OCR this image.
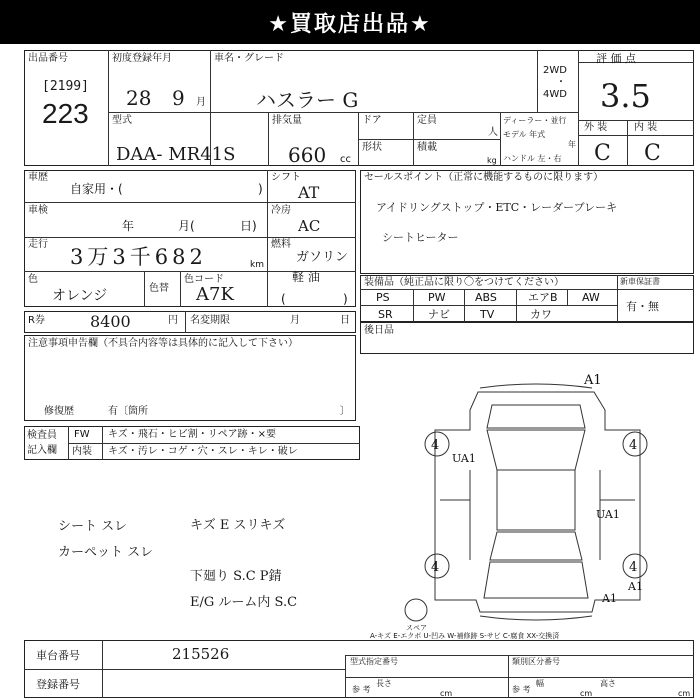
★買取店出品★
出品番号
[2199]
223
初度登録年月
28 9 月
車名・グレード
ハスラー G
2WD
・
4WD
評 価 点
3.5
外 装	内 装
C C
型式
DAA- MR41S
排気量
660 cc
ドア
形状
定員
人
積載
kg
ディーラー・並行
モデル 年式
年
ハンドル 左・右
車歴
自家用・(	)
シフト
AT
車検
年	月(	日)
冷房
AC
走行
3万3千682	km
燃料
ガソリン
軽 油
色
オレンジ	色替
色コード
A7K	(	)
R券	8400	円 名変期限	月	日
セールスポイント（正常に機能するものに限ります）
アイドリングストップ・ETC・レーダーブレーキ
シートヒーター
装備品（純正品に限り〇をつけてください）	新車保証書
有・無
PS	PW	ABS	エアB AW
SR	ナビ	TV	カワ
後日品
注意事項申告欄（不具合内容等は具体的に記入して下さい）
修復歴	有〔箇所	〕
検査員
記入欄
FW キズ・飛石・ヒビ割・リペア跡・×要
内装 キズ・汚レ・コゲ・穴・スレ・キレ・破レ
シート スレ
カーペット スレ
キズ E スリキズ
下廻り S.C P錆
E/G ルーム内 S.C
A1
4
UA1
UA1
4
4	4
A1
A1
スペア
A-キズ E-エクボ U-凹み W-補修跡 S-サビ C-腐食 XX-交換済
車台番号	215526
登録番号
型式指定番号	類別区分番号
参 考
長さ
cm	参 考
幅
cm
高さ
cm
